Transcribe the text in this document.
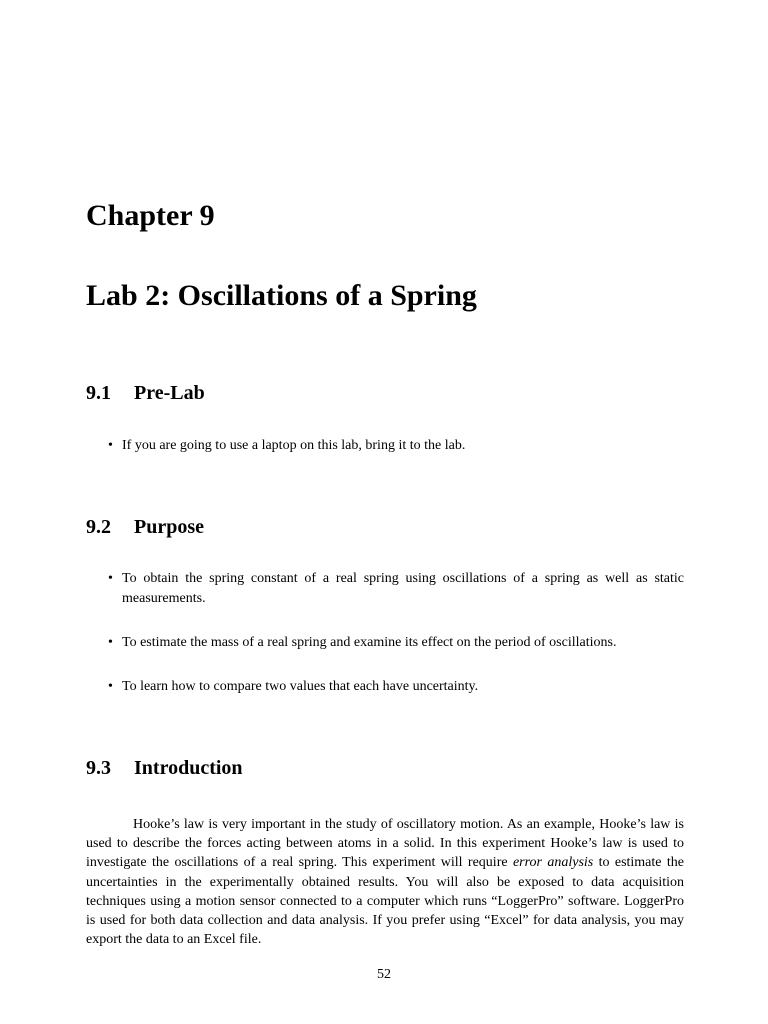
Chapter 9
Lab 2: Oscillations of a Spring
9.1 Pre-Lab
• If you are going to use a laptop on this lab, bring it to the lab.
9.2 Purpose
• To obtain the spring constant of a real spring using oscillations of a spring as well as static measurements.
• To estimate the mass of a real spring and examine its effect on the period of oscillations.
• To learn how to compare two values that each have uncertainty.
9.3 Introduction

Hooke’s law is very important in the study of oscillatory motion. As an example, Hooke’s law is used to describe the forces acting between atoms in a solid. In this experiment Hooke’s law is used to investigate the oscillations of a real spring. This experiment will require error analysis to estimate the uncertainties in the experimentally obtained results. You will also be exposed to data acquisition techniques using a motion sensor connected to a computer which runs “LoggerPro” software. LoggerPro is used for both data collection and data analysis. If you prefer using “Excel” for data analysis, you may export the data to an Excel file.

52
